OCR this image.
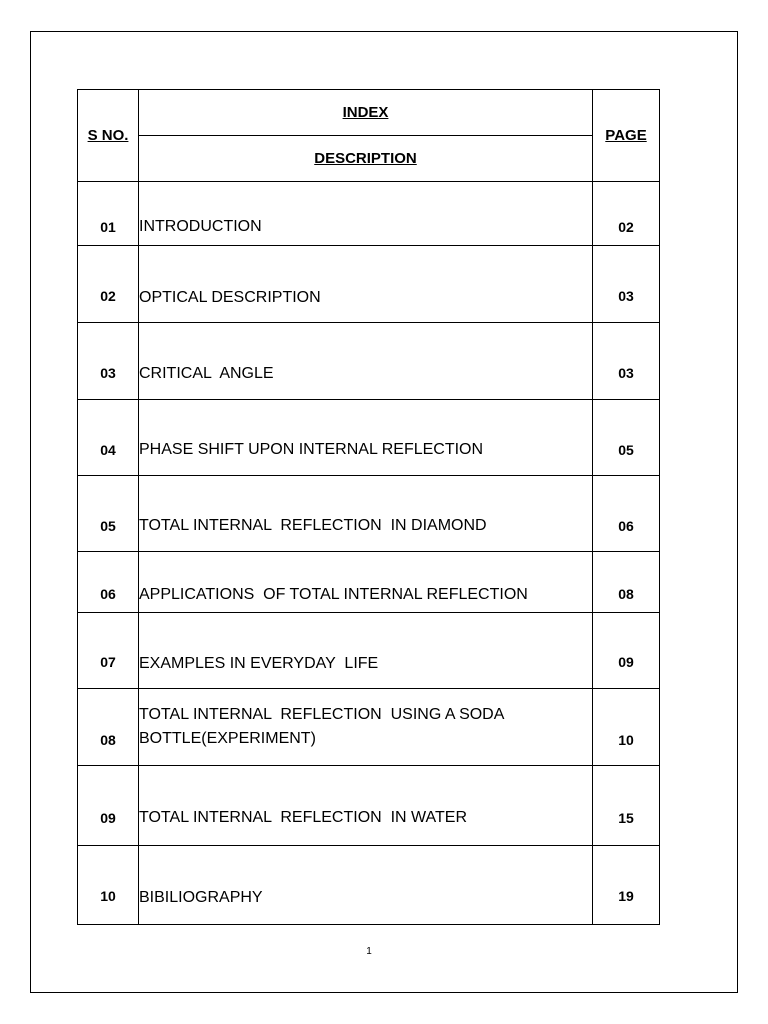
S NO.	INDEX	PAGE
	DESCRIPTION	
01	INTRODUCTION	02
02	OPTICAL DESCRIPTION	03
03	CRITICAL  ANGLE	03
04	PHASE SHIFT UPON INTERNAL REFLECTION	05
05	TOTAL INTERNAL  REFLECTION  IN DIAMOND	06
06	APPLICATIONS  OF TOTAL INTERNAL REFLECTION	08
07	EXAMPLES IN EVERYDAY  LIFE	09
08	TOTAL INTERNAL  REFLECTION  USING A SODA BOTTLE(EXPERIMENT)	10
09	TOTAL INTERNAL  REFLECTION  IN WATER	15
10	BIBILIOGRAPHY	19
1
